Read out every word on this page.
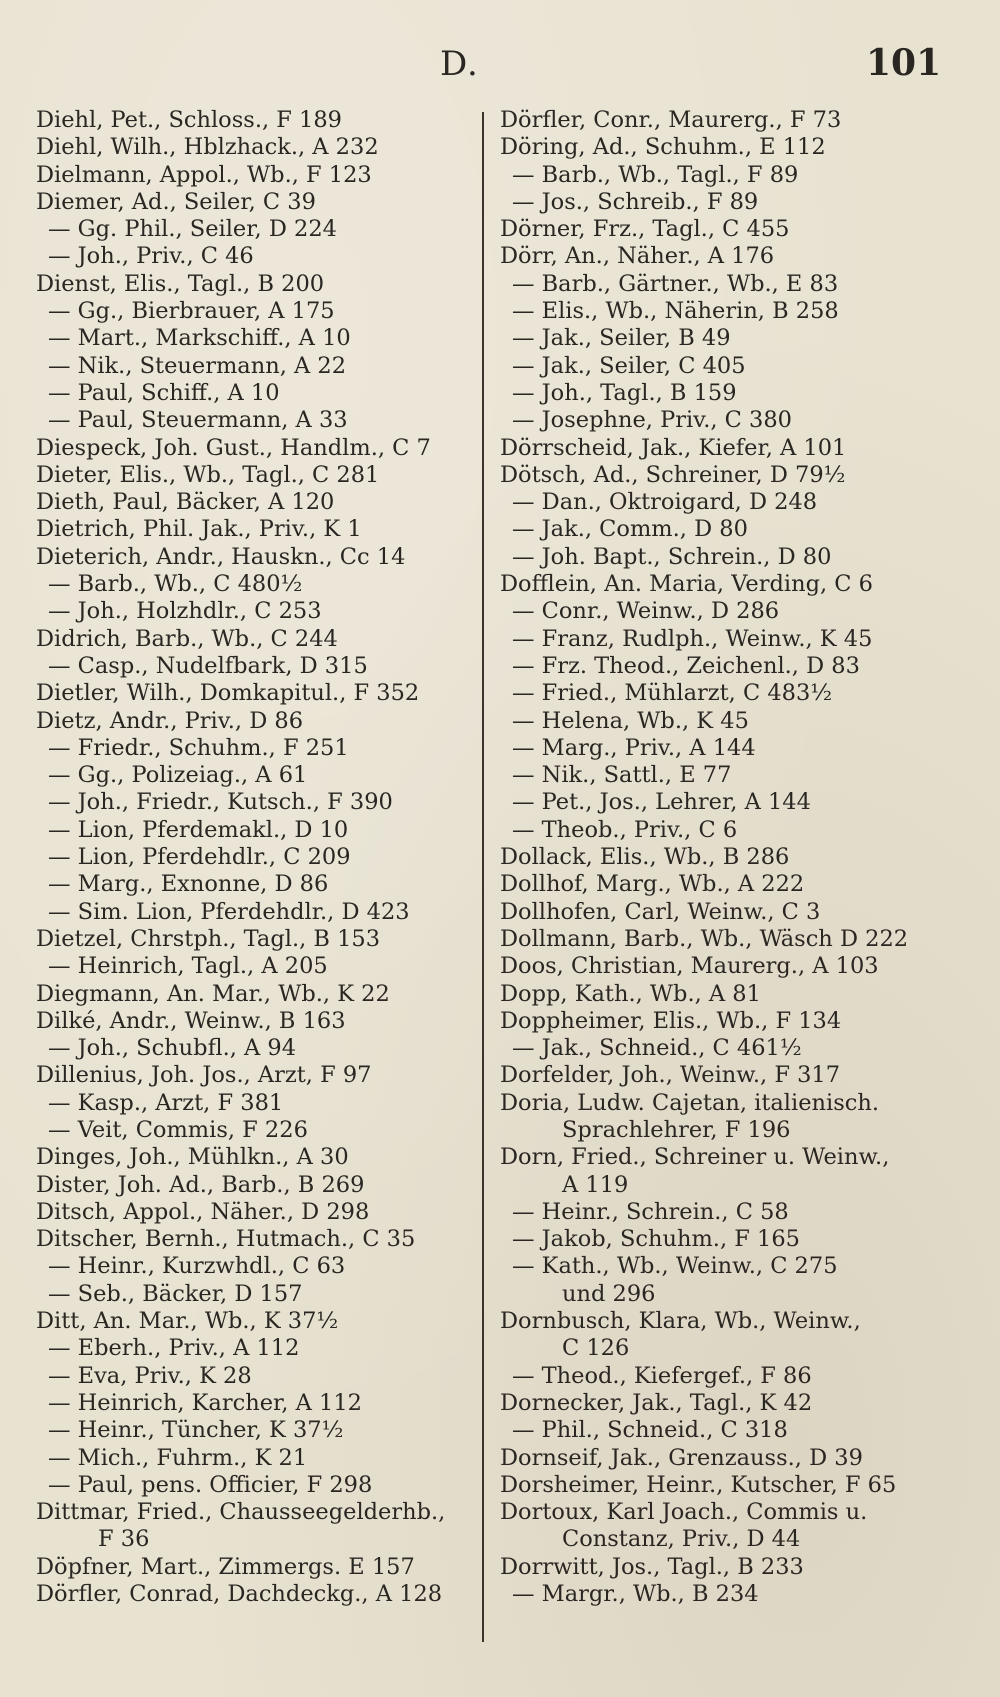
D.	101
Diehl, Pet., Schloss., F 189
Diehl, Wilh., Hblzhack., A 232
Dielmann, Appol., Wb., F 123
Diemer, Ad., Seiler, C 39
— Gg. Phil., Seiler, D 224
— Joh., Priv., C 46
Dienst, Elis., Tagl., B 200
— Gg., Bierbrauer, A 175
— Mart., Markschiff., A 10
— Nik., Steuermann, A 22
— Paul, Schiff., A 10
— Paul, Steuermann, A 33
Diespeck, Joh. Gust., Handlm., C 7
Dieter, Elis., Wb., Tagl., C 281
Dieth, Paul, Bäcker, A 120
Dietrich, Phil. Jak., Priv., K 1
Dieterich, Andr., Hauskn., Cc 14
— Barb., Wb., C 480½
— Joh., Holzhdlr., C 253
Didrich, Barb., Wb., C 244
— Casp., Nudelfbark, D 315
Dietler, Wilh., Domkapitul., F 352
Dietz, Andr., Priv., D 86
— Friedr., Schuhm., F 251
— Gg., Polizeiag., A 61
— Joh., Friedr., Kutsch., F 390
— Lion, Pferdemakl., D 10
— Lion, Pferdehdlr., C 209
— Marg., Exnonne, D 86
— Sim. Lion, Pferdehdlr., D 423
Dietzel, Chrstph., Tagl., B 153
— Heinrich, Tagl., A 205
Diegmann, An. Mar., Wb., K 22
Dilké, Andr., Weinw., B 163
— Joh., Schubfl., A 94
Dillenius, Joh. Jos., Arzt, F 97
— Kasp., Arzt, F 381
— Veit, Commis, F 226
Dinges, Joh., Mühlkn., A 30
Dister, Joh. Ad., Barb., B 269
Ditsch, Appol., Näher., D 298
Ditscher, Bernh., Hutmach., C 35
— Heinr., Kurzwhdl., C 63
— Seb., Bäcker, D 157
Ditt, An. Mar., Wb., K 37½
— Eberh., Priv., A 112
— Eva, Priv., K 28
— Heinrich, Karcher, A 112
— Heinr., Tüncher, K 37½
— Mich., Fuhrm., K 21
— Paul, pens. Officier, F 298
Dittmar, Fried., Chausseegelderhb.,
F 36
Döpfner, Mart., Zimmergs. E 157
Dörfler, Conrad, Dachdeckg., A 128
Dörfler, Conr., Maurerg., F 73
Döring, Ad., Schuhm., E 112
— Barb., Wb., Tagl., F 89
— Jos., Schreib., F 89
Dörner, Frz., Tagl., C 455
Dörr, An., Näher., A 176
— Barb., Gärtner., Wb., E 83
— Elis., Wb., Näherin, B 258
— Jak., Seiler, B 49
— Jak., Seiler, C 405
— Joh., Tagl., B 159
— Josephne, Priv., C 380
Dörrscheid, Jak., Kiefer, A 101
Dötsch, Ad., Schreiner, D 79½
— Dan., Oktroigard, D 248
— Jak., Comm., D 80
— Joh. Bapt., Schrein., D 80
Dofflein, An. Maria, Verding, C 6
— Conr., Weinw., D 286
— Franz, Rudlph., Weinw., K 45
— Frz. Theod., Zeichenl., D 83
— Fried., Mühlarzt, C 483½
— Helena, Wb., K 45
— Marg., Priv., A 144
— Nik., Sattl., E 77
— Pet., Jos., Lehrer, A 144
— Theob., Priv., C 6
Dollack, Elis., Wb., B 286
Dollhof, Marg., Wb., A 222
Dollhofen, Carl, Weinw., C 3
Dollmann, Barb., Wb., Wäsch D 222
Doos, Christian, Maurerg., A 103
Dopp, Kath., Wb., A 81
Doppheimer, Elis., Wb., F 134
— Jak., Schneid., C 461½
Dorfelder, Joh., Weinw., F 317
Doria, Ludw. Cajetan, italienisch.
Sprachlehrer, F 196
Dorn, Fried., Schreiner u. Weinw.,
A 119
— Heinr., Schrein., C 58
— Jakob, Schuhm., F 165
— Kath., Wb., Weinw., C 275
und 296
Dornbusch, Klara, Wb., Weinw.,
C 126
— Theod., Kiefergef., F 86
Dornecker, Jak., Tagl., K 42
— Phil., Schneid., C 318
Dornseif, Jak., Grenzauss., D 39
Dorsheimer, Heinr., Kutscher, F 65
Dortoux, Karl Joach., Commis u.
Constanz, Priv., D 44
Dorrwitt, Jos., Tagl., B 233
— Margr., Wb., B 234
